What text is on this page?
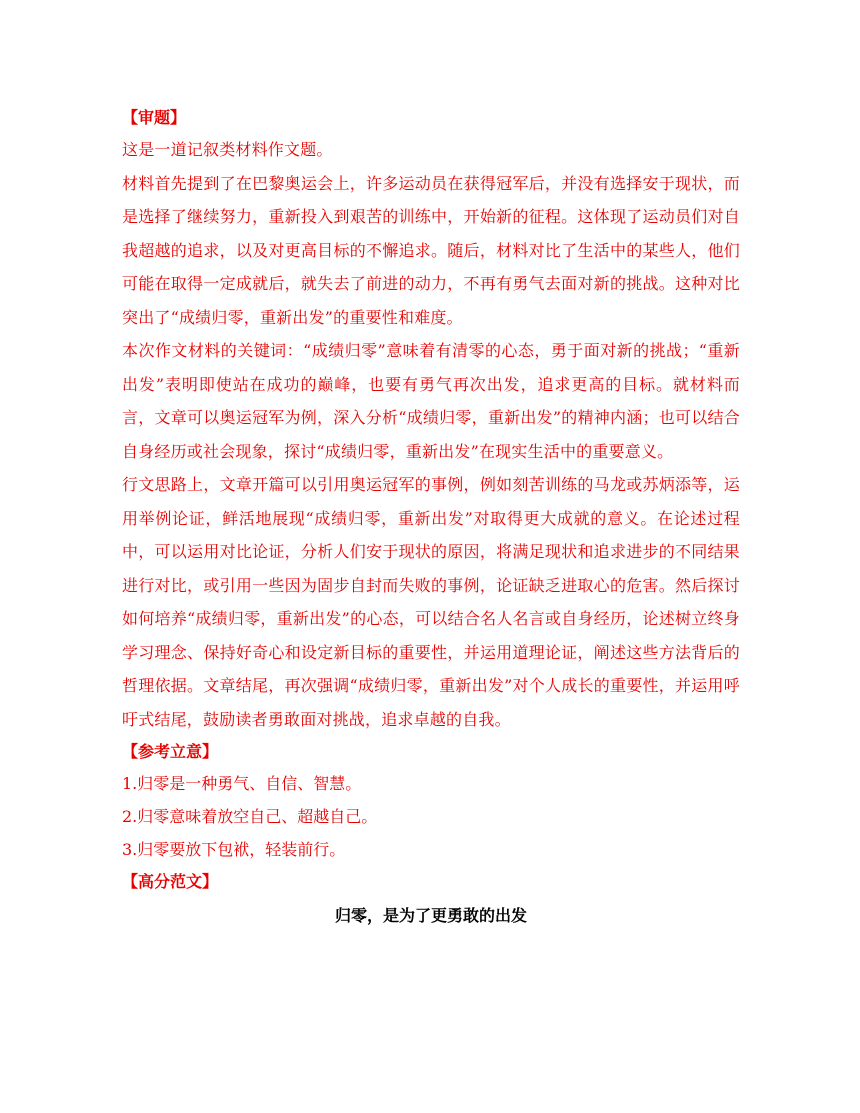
【审题】

这是一道记叙类材料作文题。

材料首先提到了在巴黎奥运会上，许多运动员在获得冠军后，并没有选择安于现状，而是选择了继续努力，重新投入到艰苦的训练中，开始新的征程。这体现了运动员们对自我超越的追求，以及对更高目标的不懈追求。随后，材料对比了生活中的某些人，他们可能在取得一定成就后，就失去了前进的动力，不再有勇气去面对新的挑战。这种对比突出了“成绩归零，重新出发”的重要性和难度。

本次作文材料的关键词：“成绩归零”意味着有清零的心态，勇于面对新的挑战；“重新出发”表明即使站在成功的巅峰，也要有勇气再次出发，追求更高的目标。就材料而言，文章可以奥运冠军为例，深入分析“成绩归零，重新出发”的精神内涵；也可以结合自身经历或社会现象，探讨“成绩归零，重新出发”在现实生活中的重要意义。

行文思路上，文章开篇可以引用奥运冠军的事例，例如刻苦训练的马龙或苏炳添等，运用举例论证，鲜活地展现“成绩归零，重新出发”对取得更大成就的意义。在论述过程中，可以运用对比论证，分析人们安于现状的原因，将满足现状和追求进步的不同结果进行对比，或引用一些因为固步自封而失败的事例，论证缺乏进取心的危害。然后探讨如何培养“成绩归零，重新出发”的心态，可以结合名人名言或自身经历，论述树立终身学习理念、保持好奇心和设定新目标的重要性，并运用道理论证，阐述这些方法背后的哲理依据。文章结尾，再次强调“成绩归零，重新出发”对个人成长的重要性，并运用呼吁式结尾，鼓励读者勇敢面对挑战，追求卓越的自我。

【参考立意】

1.归零是一种勇气、自信、智慧。

2.归零意味着放空自己、超越自己。

3.归零要放下包袱，轻装前行。

【高分范文】

归零，是为了更勇敢的出发
